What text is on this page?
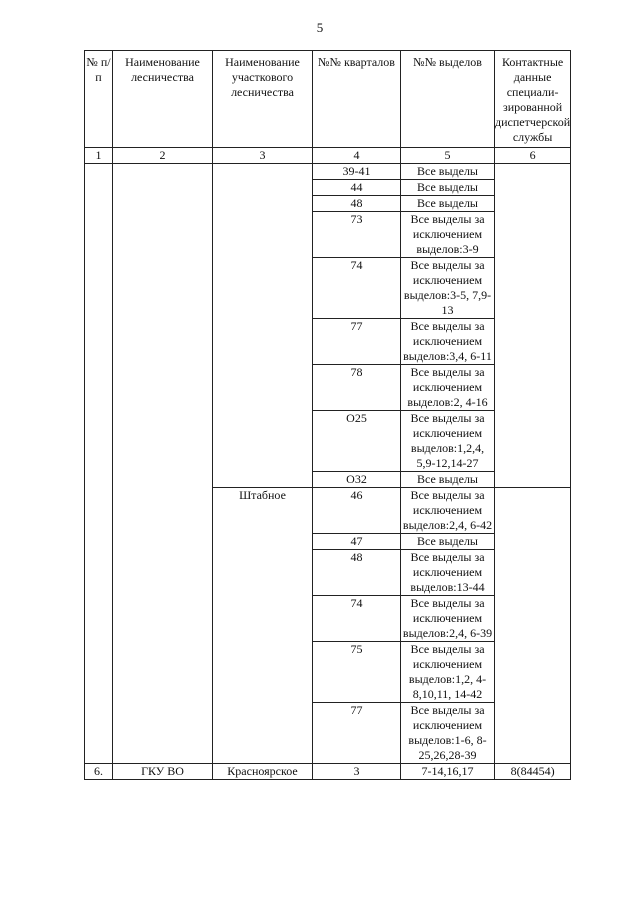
5
№ п/п	Наименование лесничества	Наименование участкового лесничества	№№ кварталов	№№ выделов	Контактные данные специали-зированной диспетчерской службы
1	2	3	4	5	6
			39-41	Все выделы	
			44	Все выделы	
			48	Все выделы	
			73	Все выделы за исключением выделов:3-9	
			74	Все выделы за исключением выделов:3-5, 7,9-13	
			77	Все выделы за исключением выделов:3,4, 6-11	
			78	Все выделы за исключением выделов:2, 4-16	
			О25	Все выделы за исключением выделов:1,2,4, 5,9-12,14-27	
			О32	Все выделы	
		Штабное	46	Все выделы за исключением выделов:2,4, 6-42	
			47	Все выделы	
			48	Все выделы за исключением выделов:13-44	
			74	Все выделы за исключением выделов:2,4, 6-39	
			75	Все выделы за исключением выделов:1,2, 4-8,10,11, 14-42	
			77	Все выделы за исключением выделов:1-6, 8-25,26,28-39	
6.	ГКУ ВО	Красноярское	3	7-14,16,17	8(84454)
